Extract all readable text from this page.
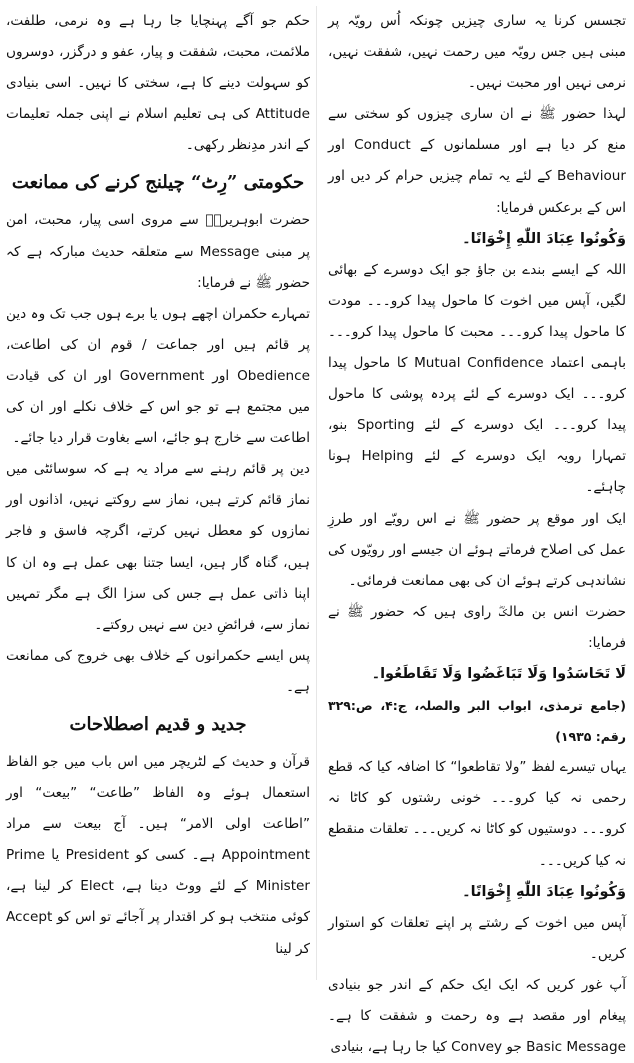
تجسس کرنا یہ ساری چیزیں چونکہ اُس رویّہ پر مبنی ہیں جس رویّہ میں رحمت نہیں، شفقت نہیں، نرمی نہیں اور محبت نہیں۔

لہذا حضور ﷺ نے ان ساری چیزوں کو سختی سے منع کر دیا ہے اور مسلمانوں کے Conduct اور Behaviour کے لئے یہ تمام چیزیں حرام کر دیں اور اس کے برعکس فرمایا:

وَكُونُوا عِبَادَ اللّٰهِ إِخْوَانًا۔

اللہ کے ایسے بندے بن جاؤ جو ایک دوسرے کے بھائی لگیں، آپس میں اخوت کا ماحول پیدا کرو۔۔۔ مودت کا ماحول پیدا کرو۔۔۔ محبت کا ماحول پیدا کرو۔۔۔ باہمی اعتماد Mutual Confidence کا ماحول پیدا کرو۔۔۔ ایک دوسرے کے لئے پردہ پوشی کا ماحول پیدا کرو۔۔۔ ایک دوسرے کے لئے Sporting بنو، تمہارا رویہ ایک دوسرے کے لئے Helping ہونا چاہئے۔

ایک اور موقع پر حضور ﷺ نے اس رویّے اور طرزِ عمل کی اصلاح فرماتے ہوئے ان جیسے اور رویّوں کی نشاندہی کرتے ہوئے ان کی بھی ممانعت فرمائی۔

حضرت انس بن مالکؓ راوی ہیں کہ حضور ﷺ نے فرمایا:

لَا تَحَاسَدُوا وَلَا تَبَاغَضُوا وَلَا تَقَاطَعُوا۔

(جامع ترمذی، ابواب البر والصلہ، ج:۴، ص:۳۲۹ رقم: ۱۹۳۵)

یہاں تیسرے لفظ ”ولا تقاطعوا“ کا اضافہ کیا کہ قطع رحمی نہ کیا کرو۔۔۔ خونی رشتوں کو کاٹا نہ کرو۔۔۔ دوستیوں کو کاٹا نہ کریں۔۔۔ تعلقات منقطع نہ کیا کریں۔۔۔

وَكُونُوا عِبَادَ اللّٰهِ إِخْوَانًا۔

آپس میں اخوت کے رشتے پر اپنے تعلقات کو استوار کریں۔

آپ غور کریں کہ ایک ایک حکم کے اندر جو بنیادی پیغام اور مقصد ہے وہ رحمت و شفقت کا ہے۔ Basic Message جو Convey کیا جا رہا ہے، بنیادی

حکم جو آگے پہنچایا جا رہا ہے وہ نرمی، طلفت، ملائمت، محبت، شفقت و پیار، عفو و درگزر، دوسروں کو سہولت دینے کا ہے، سختی کا نہیں۔ اسی بنیادی Attitude کی ہی تعلیم اسلام نے اپنی جملہ تعلیمات کے اندر مدِنظر رکھی۔

حکومتی ”رِٹ“ چیلنج کرنے کی ممانعت

حضرت ابوہریرہؓ سے مروی اسی پیار، محبت، امن پر مبنی Message سے متعلقہ حدیث مبارکہ ہے کہ حضور ﷺ نے فرمایا:

تمہارے حکمران اچھے ہوں یا برے ہوں جب تک وہ دین پر قائم ہیں اور جماعت / قوم ان کی اطاعت، Obedience اور Government اور ان کی قیادت میں مجتمع ہے تو جو اس کے خلاف نکلے اور ان کی اطاعت سے خارج ہو جائے، اسے بغاوت قرار دیا جائے۔

دین پر قائم رہنے سے مراد یہ ہے کہ سوسائٹی میں نماز قائم کرتے ہیں، نماز سے روکتے نہیں، اذانوں اور نمازوں کو معطل نہیں کرتے، اگرچہ فاسق و فاجر ہیں، گناہ گار ہیں، ایسا جتنا بھی عمل ہے وہ ان کا اپنا ذاتی عمل ہے جس کی سزا الگ ہے مگر تمہیں نماز سے، فرائضِ دین سے نہیں روکتے۔

پس ایسے حکمرانوں کے خلاف بھی خروج کی ممانعت ہے۔

جدید و قدیم اصطلاحات

قرآن و حدیث کے لٹریچر میں اس باب میں جو الفاظ استعمال ہوئے وہ الفاظ ”طاعت“ ”بیعت“ اور ”اطاعت اولی الامر“ ہیں۔ آج بیعت سے مراد Appointment ہے۔ کسی کو President یا Prime Minister کے لئے ووٹ دینا ہے، Elect کر لینا ہے، کوئی منتخب ہو کر اقتدار پر آجائے تو اس کو Accept کر لینا
